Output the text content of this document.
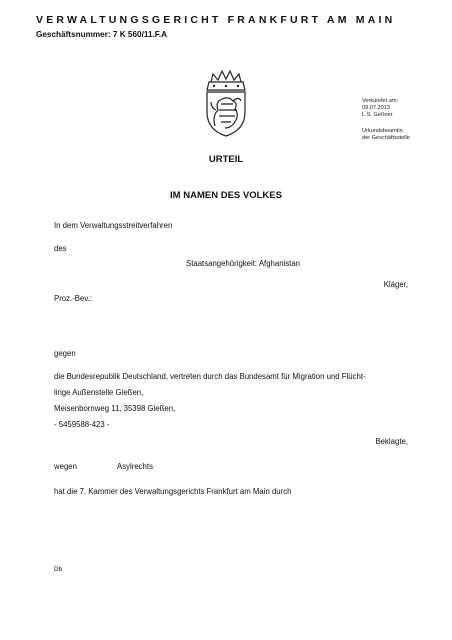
VERWALTUNGSGERICHT FRANKFURT AM MAIN
Geschäftsnummer: 7 K 560/11.F.A
Verkündet am:
09.07.2013
L.S. Geßner
Urkundsbeamtin
der Geschäftsstelle
URTEIL
IM NAMEN DES VOLKES
In dem Verwaltungsstreitverfahren
des
Staatsangehörigkeit: Afghanistan
Kläger,
Proz.-Bev.:
gegen
die Bundesrepublik Deutschland, vertreten durch das Bundesamt für Migration und Flücht-
linge Außenstelle Gießen,
Meisenbornweg 11, 35398 Gießen,
- 5459588-423 -
Beklagte,
wegen	Asylrechts
hat die 7. Kammer des Verwaltungsgerichts Frankfurt am Main durch
Db
